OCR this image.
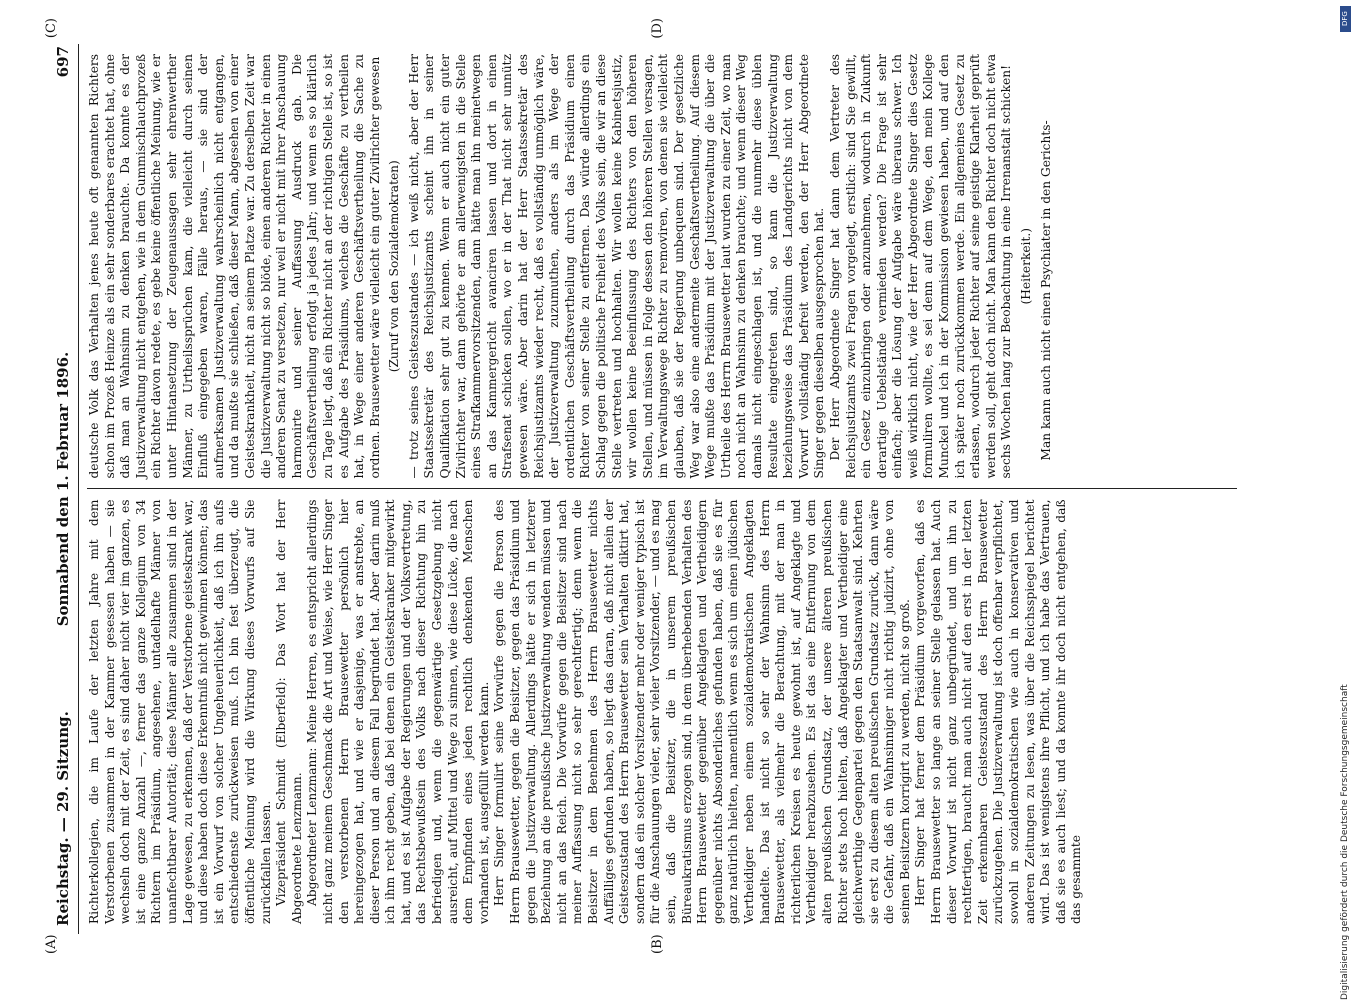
Reichstag. — 29. Sitzung.
Sonnabend den 1. Februar 1896.
697

Richterkollegien, die im Laufe der letzten Jahre mit dem Verstorbenen zusammen in der Kammer gesessen haben — sie wechseln doch mit der Zeit, es sind daher nicht vier im ganzen, es ist eine ganze Anzahl —, ferner das ganze Kollegium von 34 Richtern im Präsidium, angesehene, untadelhafte Männer von unanfechtbarer Autorität; diese Männer alle zusammen sind in der Lage gewesen, zu erkennen, daß der Verstorbene geisteskrank war, und diese haben doch diese Erkenntniß nicht gewinnen können; das ist ein Vorwurf von solcher Ungeheuerlichkeit, daß ich ihn aufs entschiedenste zurückweisen muß. Ich bin fest überzeugt, die öffentliche Meinung wird die Wirkung dieses Vorwurfs auf Sie zurückfallen lassen. Vizepräsident Schmidt (Elberfeld): Das Wort hat der Herr Abgeordnete Lenzmann. Abgeordneter Lenzmann: Meine Herren, es entspricht allerdings nicht ganz meinem Geschmack die Art und Weise, wie Herr Singer den verstorbenen Herrn Brausewetter persönlich hier hereingezogen hat, und wie er dasjenige, was er anstrebte, an dieser Person und an diesem Fall begründet hat. Aber darin muß ich ihm recht geben, daß bei denen ein Geisteskranker mitgewirkt hat, und es ist Aufgabe der Regierungen und der Volksvertretung, das Rechtsbewußtsein des Volks nach dieser Richtung hin zu befriedigen und, wenn die gegenwärtige Gesetzgebung nicht ausreicht, auf Mittel und Wege zu sinnen, wie diese Lücke, die nach dem Empfinden eines jeden rechtlich denkenden Menschen vorhanden ist, ausgefüllt werden kann. Herr Singer formulirt seine Vorwürfe gegen die Person des Herrn Brausewetter, gegen die Beisitzer, gegen das Präsidium und gegen die Justizverwaltung. Allerdings hätte er sich in letzterer Beziehung an die preußische Justizverwaltung wenden müssen und nicht an das Reich. Die Vorwürfe gegen die Beisitzer sind nach meiner Auffassung nicht so sehr gerechtfertigt; denn wenn die Beisitzer in dem Benehmen des Herrn Brausewetter nichts Auffälliges gefunden haben, so liegt das daran, daß nicht allein der Geisteszustand des Herrn Brausewetter sein Verhalten diktirt hat, sondern daß ein solcher Vorsitzender mehr oder weniger typisch ist für die Anschauungen vieler, sehr vieler Vorsitzender, — und es mag sein, daß die Beisitzer, die in unserem preußischen Büreaukratismus erzogen sind, in dem überhebenden Verhalten des Herrn Brausewetter gegenüber Angeklagten und Vertheidigern gegenüber nichts Absonderliches gefunden haben, daß sie es für ganz natürlich hielten, namentlich wenn es sich um einen jüdischen Vertheidiger neben einem sozialdemokratischen Angeklagten handelte. Das ist nicht so sehr der Wahnsinn des Herrn Brausewetter, als vielmehr die Berachtung, mit der man in richterlichen Kreisen es heute gewohnt ist, auf Angeklagte und Vertheidiger herabzusehen. Es ist das eine Entfernung von dem alten preußischen Grundsatz, der unsere älteren preußischen Richter stets hoch hielten, daß Angeklagter und Vertheidiger eine gleichwerthige Gegenpartei gegen den Staatsanwalt sind. Kehrten sie erst zu diesem alten preußischen Grundsatz zurück, dann wäre die Gefahr, daß ein Wahnsinniger nicht richtig judizirt, ohne von seinen Beisitzern korrigirt zu werden, nicht so groß. Herr Singer hat ferner dem Präsidium vorgeworfen, daß es Herrn Brausewetter so lange an seiner Stelle gelassen hat. Auch dieser Vorwurf ist nicht ganz unbegründet, und um ihn zu rechtfertigen, braucht man auch nicht auf den erst in der letzten Zeit erkennbaren Geisteszustand des Herrn Brausewetter zurückzugehen. Die Justizverwaltung ist doch offenbar verpflichtet, sowohl in sozialdemokratischen wie auch in konservativen und anderen Zeitungen zu lesen, was über die Reichsspiegel berichtet wird. Das ist wenigstens ihre Pflicht, und ich habe das Vertrauen, daß sie es auch liest; und da konnte ihr doch nicht entgehen, daß das gesammte

deutsche Volk das Verhalten jenes heute oft genannten Richters schon im Prozeß Heinze als ein sehr sonderbares erachtet hat, ohne daß man an Wahnsinn zu denken brauchte. Da konnte es der Justizverwaltung nicht entgehen, wie in dem Gummischlauchprozeß ein Richter davon redete, es gebe keine öffentliche Meinung, wie er unter Hintansetzung der Zeugenaussagen sehr ehrenwerther Männer, zu Urtheilssprüchen kam, die vielleicht durch seinen Einfluß eingegeben waren, Fälle heraus, — sie sind der aufmerksamen Justizverwaltung wahrscheinlich nicht entgangen, und da mußte sie schließen, daß dieser Mann, abgesehen von einer Geisteskrankheit, nicht an seinem Platze war. Zu derselben Zeit war die Justizverwaltung nicht so blöde, einen anderen Richter in einen anderen Senat zu versetzen, nur weil er nicht mit ihrer Anschauung harmonirte und seiner Auffassung Ausdruck gab. Die Geschäftsvertheilung erfolgt ja jedes Jahr; und wenn es so klärlich zu Tage liegt, daß ein Richter nicht an der richtigen Stelle ist, so ist es Aufgabe des Präsidiums, welches die Geschäfte zu vertheilen hat, in Wege einer anderen Geschäftsvertheilung die Sache zu ordnen. Brausewetter wäre vielleicht ein guter Zivilrichter gewesen (Zuruf von den Sozialdemokraten) — trotz seines Geisteszustandes — ich weiß nicht, aber der Herr Staatssekretär des Reichsjustizamts scheint ihn in seiner Qualifikation sehr gut zu kennen. Wenn er auch nicht ein guter Zivilrichter war, dann gehörte er am allerwenigsten in die Stelle eines Strafkammervorsitzenden, dann hätte man ihn meinetwegen an das Kammergericht avanciren lassen und dort in einen Strafsenat schicken sollen, wo er in der That nicht sehr unnütz gewesen wäre. Aber darin hat der Herr Staatssekretär des Reichsjustizamts wieder recht, daß es vollständig unmöglich wäre, der Justizverwaltung zuzumuthen, anders als im Wege der ordentlichen Geschäftsvertheilung durch das Präsidium einen Richter von seiner Stelle zu entfernen. Das würde allerdings ein Schlag gegen die politische Freiheit des Volks sein, die wir an diese Stelle vertreten und hochhalten. Wir wollen keine Kabinetsjustiz, wir wollen keine Beeinflussung des Richters von den höheren Stellen, und müssen in Folge dessen den höheren Stellen versagen, im Verwaltungswege Richter zu removiren, von denen sie vielleicht glauben, daß sie der Regierung unbequem sind. Der gesetzliche Weg war also eine andermeite Geschäftsvertheilung. Auf diesem Wege mußte das Präsidium mit der Justizverwaltung die über die Urtheile des Herrn Brausewetter laut wurden zu einer Zeit, wo man noch nicht an Wahnsinn zu denken brauchte; und wenn dieser Weg damals nicht eingeschlagen ist, und die nunmehr diese üblen Resultate eingetreten sind, so kann die Justizverwaltung beziehungsweise das Präsidium des Landgerichts nicht von dem Vorwurf vollständig befreit werden, den der Herr Abgeordnete Singer gegen dieselben ausgesprochen hat. Der Herr Abgeordnete Singer hat dann dem Vertreter des Reichsjustizamts zwei Fragen vorgelegt, erstlich: sind Sie gewillt, ein Gesetz einzubringen oder anzunehmen, wodurch in Zukunft derartige Uebelstände vermieden werden? Die Frage ist sehr einfach; aber die Lösung der Aufgabe wäre überaus schwer. Ich weiß wirklich nicht, wie der Herr Abgeordnete Singer dies Gesetz formuliren wollte, es sei denn auf dem Wege, den mein Kollege Munckel und ich in der Kommission gewiesen haben, und auf den ich später noch zurückkommen werde. Ein allgemeines Gesetz zu erlassen, wodurch jeder Richter auf seine geistige Klarheit geprüft werden soll, geht doch nicht. Man kann den Richter doch nicht etwa sechs Wochen lang zur Beobachtung in eine Irrenanstalt schicken! (Heiterkeit.) Man kann auch nicht einen Psychiater in den Gerichts-

(A)	(B)
(C)	(D)	DFG
Digitalisierung gefördert durch die Deutsche Forschungsgemeinschaft
